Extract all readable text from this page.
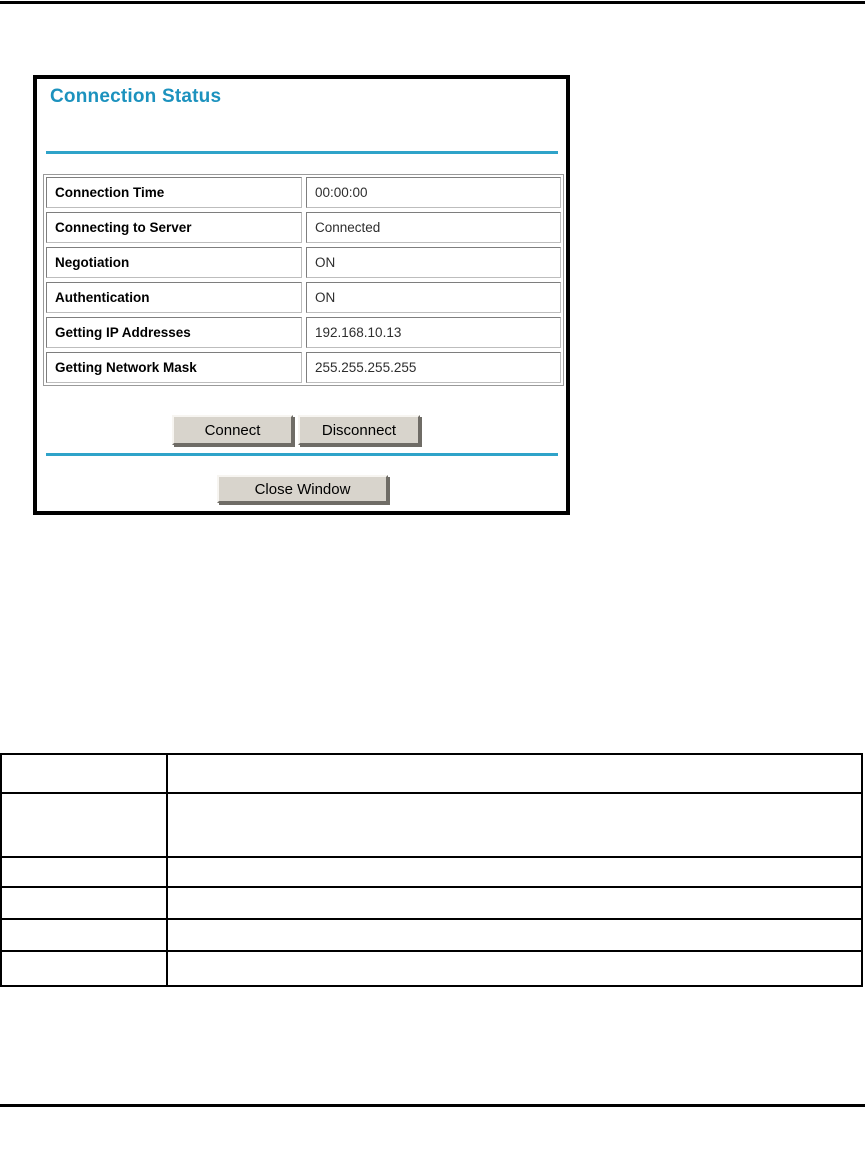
Connection Status
Connection Time	00:00:00
Connecting to Server	Connected
Negotiation	ON
Authentication	ON
Getting IP Addresses	192.168.10.13
Getting Network Mask	255.255.255.255
Connect	Disconnect
Close Window
